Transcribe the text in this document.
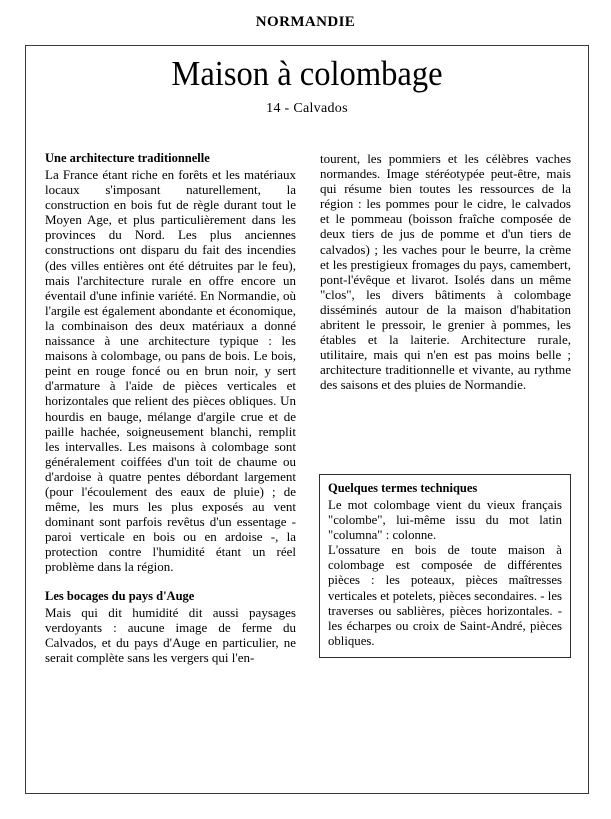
NORMANDIE
Maison à colombage
14 - Calvados
Une architecture traditionnelle

La France étant riche en forêts et les matériaux locaux s'imposant naturellement, la construction en bois fut de règle durant tout le Moyen Age, et plus particulièrement dans les provinces du Nord. Les plus anciennes constructions ont disparu du fait des incendies (des villes entières ont été détruites par le feu), mais l'architecture rurale en offre encore un éventail d'une infinie variété. En Normandie, où l'argile est également abondante et économique, la combinaison des deux matériaux a donné naissance à une architecture typique : les maisons à colombage, ou pans de bois. Le bois, peint en rouge foncé ou en brun noir, y sert d'armature à l'aide de pièces verticales et horizontales que relient des pièces obliques. Un hourdis en bauge, mélange d'argile crue et de paille hachée, soigneusement blanchi, remplit les intervalles. Les maisons à colombage sont généralement coiffées d'un toit de chaume ou d'ardoise à quatre pentes débordant largement (pour l'écoulement des eaux de pluie) ; de même, les murs les plus exposés au vent dominant sont parfois revêtus d'un essentage - paroi verticale en bois ou en ardoise -, la protection contre l'humidité étant un réel problème dans la région.

Les bocages du pays d'Auge

Mais qui dit humidité dit aussi paysages verdoyants : aucune image de ferme du Calvados, et du pays d'Auge en particulier, ne serait complète sans les vergers qui l'en-

tourent, les pommiers et les célèbres vaches normandes. Image stéréotypée peut-être, mais qui résume bien toutes les ressources de la région : les pommes pour le cidre, le calvados et le pommeau (boisson fraîche composée de deux tiers de jus de pomme et d'un tiers de calvados) ; les vaches pour le beurre, la crème et les prestigieux fromages du pays, camembert, pont-l'évêque et livarot. Isolés dans un même "clos", les divers bâtiments à colombage disséminés autour de la maison d'habitation abritent le pressoir, le grenier à pommes, les étables et la laiterie. Architecture rurale, utilitaire, mais qui n'en est pas moins belle ; architecture traditionnelle et vivante, au rythme des saisons et des pluies de Normandie.

Quelques termes techniques

Le mot colombage vient du vieux français "colombe", lui-même issu du mot latin "columna" : colonne.

L'ossature en bois de toute maison à colombage est composée de différentes pièces : les poteaux, pièces maîtresses verticales et potelets, pièces secondaires. - les traverses ou sablières, pièces horizontales. - les écharpes ou croix de Saint-André, pièces obliques.
